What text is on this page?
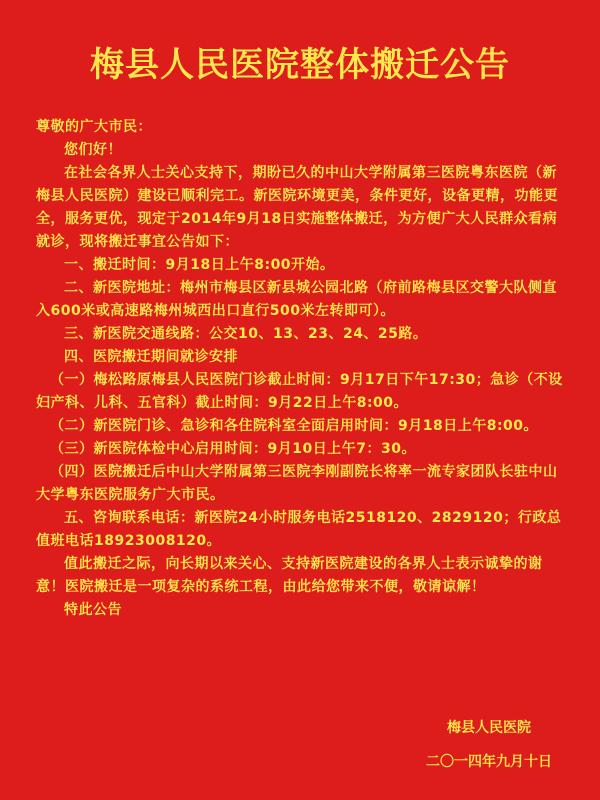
梅县人民医院整体搬迁公告

尊敬的广大市民：

您们好！

在社会各界人士关心支持下，期盼已久的中山大学附属第三医院粤东医院（新梅县人民医院）建设已顺利完工。新医院环境更美，条件更好，设备更精，功能更全，服务更优，现定于2014年9月18日实施整体搬迁，为方便广大人民群众看病就诊，现将搬迁事宜公告如下：

一、搬迁时间：9月18日上午8:00开始。

二、新医院地址：梅州市梅县区新县城公园北路（府前路梅县区交警大队侧直入600米或高速路梅州城西出口直行500米左转即可）。

三、新医院交通线路：公交10、13、23、24、25路。

四、医院搬迁期间就诊安排

（一）梅松路原梅县人民医院门诊截止时间：9月17日下午17:30；急诊（不设妇产科、儿科、五官科）截止时间：9月22日上午8:00。

（二）新医院门诊、急诊和各住院科室全面启用时间：9月18日上午8:00。

（三）新医院体检中心启用时间：9月10日上午7：30。

（四）医院搬迁后中山大学附属第三医院李刚副院长将率一流专家团队长驻中山大学粤东医院服务广大市民。

五、咨询联系电话：新医院24小时服务电话2518120、2829120；行政总值班电话18923008120。

值此搬迁之际，向长期以来关心、支持新医院建设的各界人士表示诚挚的谢意！医院搬迁是一项复杂的系统工程，由此给您带来不便，敬请谅解！

特此公告

梅县人民医院
二〇一四年九月十日
